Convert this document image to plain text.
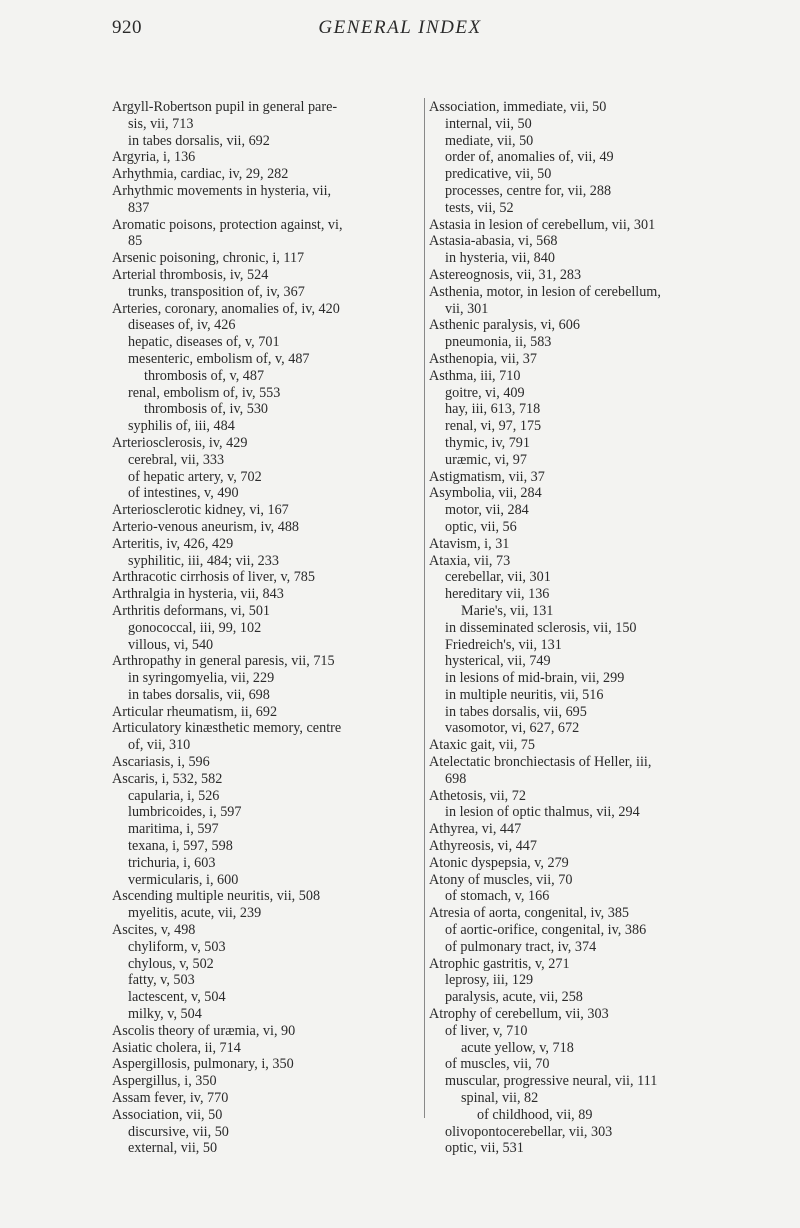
920	GENERAL INDEX
Argyll-Robertson pupil in general pare-
sis, vii, 713
in tabes dorsalis, vii, 692
Argyria, i, 136
Arhythmia, cardiac, iv, 29, 282
Arhythmic movements in hysteria, vii,
837
Aromatic poisons, protection against, vi,
85
Arsenic poisoning, chronic, i, 117
Arterial thrombosis, iv, 524
trunks, transposition of, iv, 367
Arteries, coronary, anomalies of, iv, 420
diseases of, iv, 426
hepatic, diseases of, v, 701
mesenteric, embolism of, v, 487
thrombosis of, v, 487
renal, embolism of, iv, 553
thrombosis of, iv, 530
syphilis of, iii, 484
Arteriosclerosis, iv, 429
cerebral, vii, 333
of hepatic artery, v, 702
of intestines, v, 490
Arteriosclerotic kidney, vi, 167
Arterio-venous aneurism, iv, 488
Arteritis, iv, 426, 429
syphilitic, iii, 484; vii, 233
Arthracotic cirrhosis of liver, v, 785
Arthralgia in hysteria, vii, 843
Arthritis deformans, vi, 501
gonococcal, iii, 99, 102
villous, vi, 540
Arthropathy in general paresis, vii, 715
in syringomyelia, vii, 229
in tabes dorsalis, vii, 698
Articular rheumatism, ii, 692
Articulatory kinæsthetic memory, centre
of, vii, 310
Ascariasis, i, 596
Ascaris, i, 532, 582
capularia, i, 526
lumbricoides, i, 597
maritima, i, 597
texana, i, 597, 598
trichuria, i, 603
vermicularis, i, 600
Ascending multiple neuritis, vii, 508
myelitis, acute, vii, 239
Ascites, v, 498
chyliform, v, 503
chylous, v, 502
fatty, v, 503
lactescent, v, 504
milky, v, 504
Ascolis theory of uræmia, vi, 90
Asiatic cholera, ii, 714
Aspergillosis, pulmonary, i, 350
Aspergillus, i, 350
Assam fever, iv, 770
Association, vii, 50
discursive, vii, 50
external, vii, 50
Association, immediate, vii, 50
internal, vii, 50
mediate, vii, 50
order of, anomalies of, vii, 49
predicative, vii, 50
processes, centre for, vii, 288
tests, vii, 52
Astasia in lesion of cerebellum, vii, 301
Astasia-abasia, vi, 568
in hysteria, vii, 840
Astereognosis, vii, 31, 283
Asthenia, motor, in lesion of cerebellum,
vii, 301
Asthenic paralysis, vi, 606
pneumonia, ii, 583
Asthenopia, vii, 37
Asthma, iii, 710
goitre, vi, 409
hay, iii, 613, 718
renal, vi, 97, 175
thymic, iv, 791
uræmic, vi, 97
Astigmatism, vii, 37
Asymbolia, vii, 284
motor, vii, 284
optic, vii, 56
Atavism, i, 31
Ataxia, vii, 73
cerebellar, vii, 301
hereditary vii, 136
Marie's, vii, 131
in disseminated sclerosis, vii, 150
Friedreich's, vii, 131
hysterical, vii, 749
in lesions of mid-brain, vii, 299
in multiple neuritis, vii, 516
in tabes dorsalis, vii, 695
vasomotor, vi, 627, 672
Ataxic gait, vii, 75
Atelectatic bronchiectasis of Heller, iii,
698
Athetosis, vii, 72
in lesion of optic thalmus, vii, 294
Athyrea, vi, 447
Athyreosis, vi, 447
Atonic dyspepsia, v, 279
Atony of muscles, vii, 70
of stomach, v, 166
Atresia of aorta, congenital, iv, 385
of aortic-orifice, congenital, iv, 386
of pulmonary tract, iv, 374
Atrophic gastritis, v, 271
leprosy, iii, 129
paralysis, acute, vii, 258
Atrophy of cerebellum, vii, 303
of liver, v, 710
acute yellow, v, 718
of muscles, vii, 70
muscular, progressive neural, vii, 111
spinal, vii, 82
of childhood, vii, 89
olivopontocerebellar, vii, 303
optic, vii, 531
